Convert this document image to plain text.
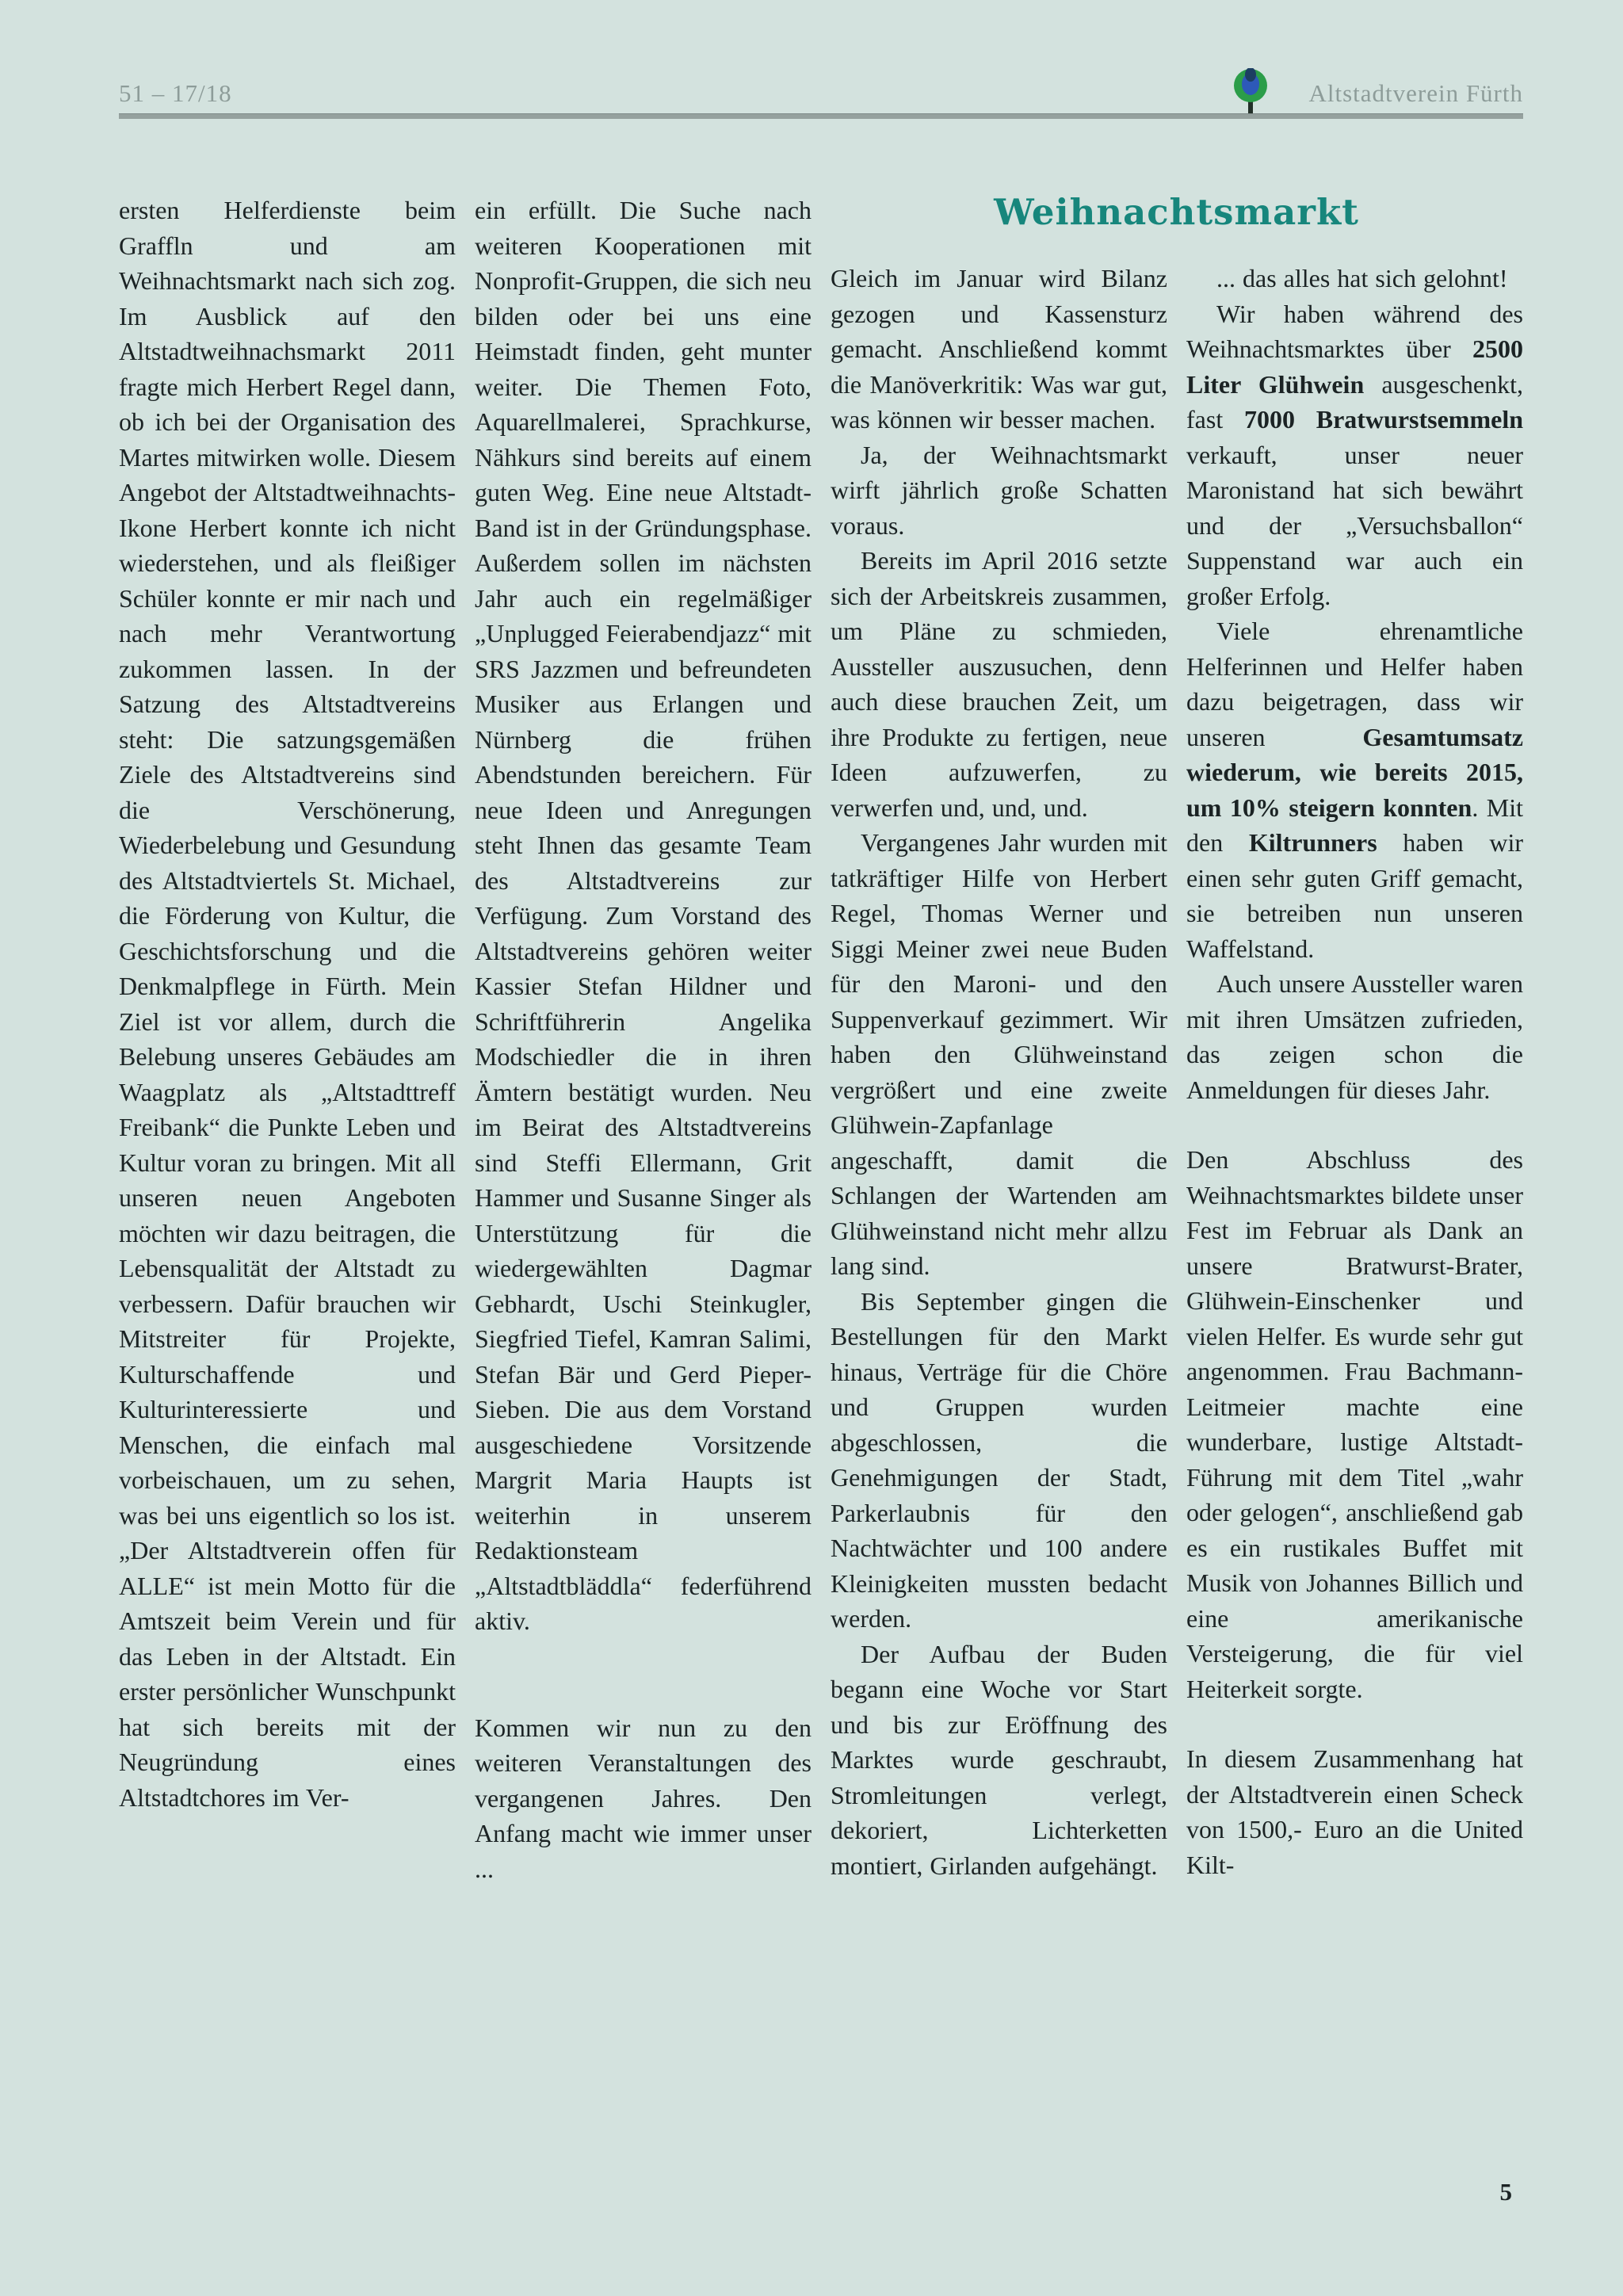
51 – 17/18	Altstadtverein Fürth
Weihnachtsmarkt

ersten Helferdienste beim Graffln und am Weihnachtsmarkt nach sich zog. Im Ausblick auf den Altstadtweihnachsmarkt 2011 fragte mich Herbert Regel dann, ob ich bei der Organisation des Martes mitwirken wolle. Diesem Angebot der Altstadtweihnachts-Ikone Herbert konnte ich nicht wiederstehen, und als fleißiger Schüler konnte er mir nach und nach mehr Verantwortung zukommen lassen. In der Satzung des Altstadtvereins steht: Die satzungsgemäßen Ziele des Altstadtvereins sind die Verschönerung, Wiederbelebung und Gesundung des Altstadtviertels St. Michael, die Förderung von Kultur, die Geschichtsforschung und die Denkmalpflege in Fürth. Mein Ziel ist vor allem, durch die Belebung unseres Gebäudes am Waagplatz als „Altstadttreff Freibank“ die Punkte Leben und Kultur voran zu bringen. Mit all unseren neuen Angeboten möchten wir dazu beitragen, die Lebensqualität der Altstadt zu verbessern. Dafür brauchen wir Mitstreiter für Projekte, Kulturschaffende und Kulturinteressierte und Menschen, die einfach mal vorbeischauen, um zu sehen, was bei uns eigentlich so los ist. „Der Altstadtverein offen für ALLE“ ist mein Motto für die Amtszeit beim Verein und für das Leben in der Altstadt. Ein erster persönlicher Wunschpunkt hat sich bereits mit der Neugründung eines Altstadtchores im Ver-

ein erfüllt. Die Suche nach weiteren Kooperationen mit Nonprofit-Gruppen, die sich neu bilden oder bei uns eine Heimstadt finden, geht munter weiter. Die Themen Foto, Aquarellmalerei, Sprachkurse, Nähkurs sind bereits auf einem guten Weg. Eine neue Altstadt-Band ist in der Gründungsphase. Außerdem sollen im nächsten Jahr auch ein regelmäßiger „Unplugged Feierabendjazz“ mit SRS Jazzmen und befreundeten Musiker aus Erlangen und Nürnberg die frühen Abendstunden bereichern. Für neue Ideen und Anregungen steht Ihnen das gesamte Team des Altstadtvereins zur Verfügung. Zum Vorstand des Altstadtvereins gehören weiter Kassier Stefan Hildner und Schriftführerin Angelika Modschiedler die in ihren Ämtern bestätigt wurden. Neu im Beirat des Altstadtvereins sind Steffi Ellermann, Grit Hammer und Susanne Singer als Unterstützung für die wiedergewählten Dagmar Gebhardt, Uschi Steinkugler, Siegfried Tiefel, Kamran Salimi, Stefan Bär und Gerd Pieper-Sieben. Die aus dem Vorstand ausgeschiedene Vorsitzende Margrit Maria Haupts ist weiterhin in unserem Redaktionsteam „Altstadtbläddla“ federführend aktiv.

Kommen wir nun zu den weiteren Veranstaltungen des vergangenen Jahres. Den Anfang macht wie immer unser ...

Gleich im Januar wird Bilanz gezogen und Kassensturz gemacht. Anschließend kommt die Manöverkritik: Was war gut, was können wir besser machen.

Ja, der Weihnachtsmarkt wirft jährlich große Schatten voraus.

Bereits im April 2016 setzte sich der Arbeitskreis zusammen, um Pläne zu schmieden, Aussteller auszusuchen, denn auch diese brauchen Zeit, um ihre Produkte zu fertigen, neue Ideen aufzuwerfen, zu verwerfen und, und, und.

Vergangenes Jahr wurden mit tatkräftiger Hilfe von Herbert Regel, Thomas Werner und Siggi Meiner zwei neue Buden für den Maroni- und den Suppenverkauf gezimmert. Wir haben den Glühweinstand vergrößert und eine zweite Glühwein-Zapfanlage angeschafft, damit die Schlangen der Wartenden am Glühweinstand nicht mehr allzu lang sind.

Bis September gingen die Bestellungen für den Markt hinaus, Verträge für die Chöre und Gruppen wurden abgeschlossen, die Genehmigungen der Stadt, Parkerlaubnis für den Nachtwächter und 100 andere Kleinigkeiten mussten bedacht werden.

Der Aufbau der Buden begann eine Woche vor Start und bis zur Eröffnung des Marktes wurde geschraubt, Stromleitungen verlegt, dekoriert, Lichterketten montiert, Girlanden aufgehängt.

... das alles hat sich gelohnt!

Wir haben während des Weihnachtsmarktes über 2500 Liter Glühwein ausgeschenkt, fast 7000 Bratwurstsemmeln verkauft, unser neuer Maronistand hat sich bewährt und der „Versuchsballon“ Suppenstand war auch ein großer Erfolg.

Viele ehrenamtliche Helferinnen und Helfer haben dazu beigetragen, dass wir unseren Gesamtumsatz wiederum, wie bereits 2015, um 10% steigern konnten. Mit den Kiltrunners haben wir einen sehr guten Griff gemacht, sie betreiben nun unseren Waffelstand.

Auch unsere Aussteller waren mit ihren Umsätzen zufrieden, das zeigen schon die Anmeldungen für dieses Jahr.

Den Abschluss des Weihnachtsmarktes bildete unser Fest im Februar als Dank an unsere Bratwurst-Brater, Glühwein-Einschenker und vielen Helfer. Es wurde sehr gut angenommen. Frau Bachmann-Leitmeier machte eine wunderbare, lustige Altstadt-Führung mit dem Titel „wahr oder gelogen“, anschließend gab es ein rustikales Buffet mit Musik von Johannes Billich und eine amerikanische Versteigerung, die für viel Heiterkeit sorgte.

In diesem Zusammenhang hat der Altstadtverein einen Scheck von 1500,- Euro an die United Kilt-

5
